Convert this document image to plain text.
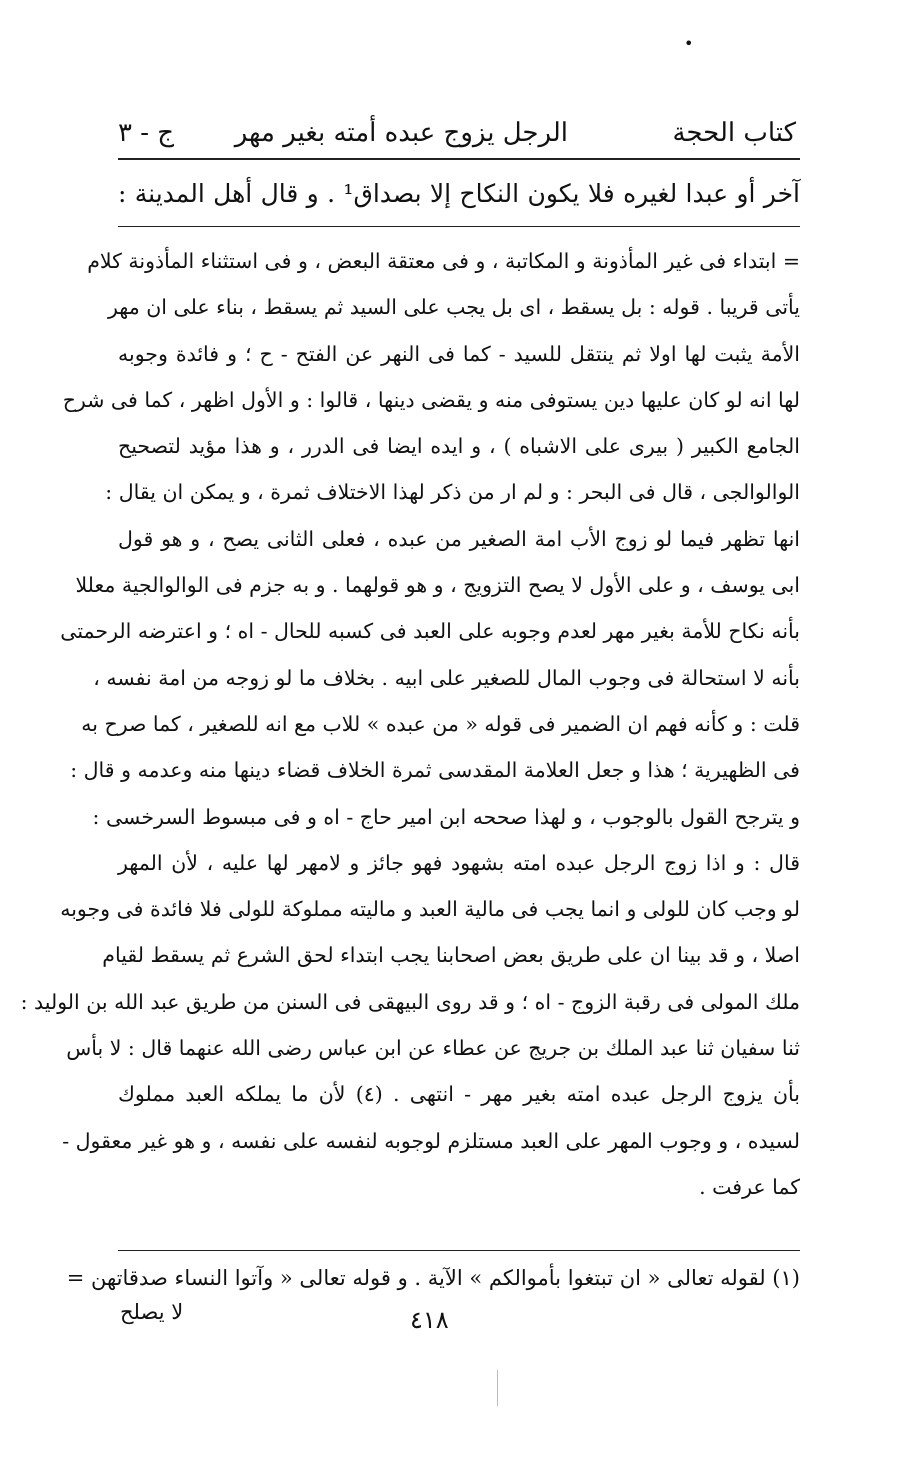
•
كتاب الحجة
الرجل يزوج عبده أمته بغير مهر
ج - ٣
آخر أو عبدا لغيره فلا يكون النكاح إلا بصداق¹ . و قال أهل المدينة :
= ابتداء فى غير المأذونة و المكاتبة ، و فى معتقة البعض ، و فى استثناء المأذونة كلام
يأتى قريبا . قوله : بل يسقط ، اى بل يجب على السيد ثم يسقط ، بناء على ان مهر
الأمة يثبت لها اولا ثم ينتقل للسيد - كما فى النهر عن الفتح - ح ؛ و فائدة وجوبه
لها انه لو كان عليها دين يستوفى منه و يقضى دينها ، قالوا : و الأول اظهر ، كما فى شرح
الجامع الكبير ( بيرى على الاشباه ) ، و ايده ايضا فى الدرر ، و هذا مؤيد لتصحيح
الوالوالجى ، قال فى البحر : و لم ار من ذكر لهذا الاختلاف ثمرة ، و يمكن ان يقال :
انها تظهر فيما لو زوج الأب امة الصغير من عبده ، فعلى الثانى يصح ، و هو قول
ابى يوسف ، و على الأول لا يصح التزويج ، و هو قولهما . و به جزم فى الوالوالجية معللا
بأنه نكاح للأمة بغير مهر لعدم وجوبه على العبد فى كسبه للحال - اه ؛ و اعترضه الرحمتى
بأنه لا استحالة فى وجوب المال للصغير على ابيه . بخلاف ما لو زوجه من امة نفسه ،
قلت : و كأنه فهم ان الضمير فى قوله « من عبده » للاب مع انه للصغير ، كما صرح به
فى الظهيرية ؛ هذا و جعل العلامة المقدسى ثمرة الخلاف قضاء دينها منه وعدمه و قال :
و يترجح القول بالوجوب ، و لهذا صححه ابن امير حاج - اه و فى مبسوط السرخسى :
قال : و اذا زوج الرجل عبده امته بشهود فهو جائز و لامهر لها عليه ، لأن المهر
لو وجب كان للولى و انما يجب فى مالية العبد و ماليته مملوكة للولى فلا فائدة فى وجوبه
اصلا ، و قد بينا ان على طريق بعض اصحابنا يجب ابتداء لحق الشرع ثم يسقط لقيام
ملك المولى فى رقبة الزوج - اه ؛ و قد روى البيهقى فى السنن من طريق عبد الله بن الوليد :
ثنا سفيان ثنا عبد الملك بن جريج عن عطاء عن ابن عباس رضى الله عنهما قال : لا بأس
بأن يزوج الرجل عبده امته بغير مهر - انتهى . (٤) لأن ما يملكه العبد مملوك
لسيده ، و وجوب المهر على العبد مستلزم لوجوبه لنفسه على نفسه ، و هو غير معقول -
كما عرفت .
(١) لقوله تعالى « ان تبتغوا بأموالكم » الآية . و قوله تعالى « وآتوا النساء صدقاتهن =
لا يصلح	٤١٨
